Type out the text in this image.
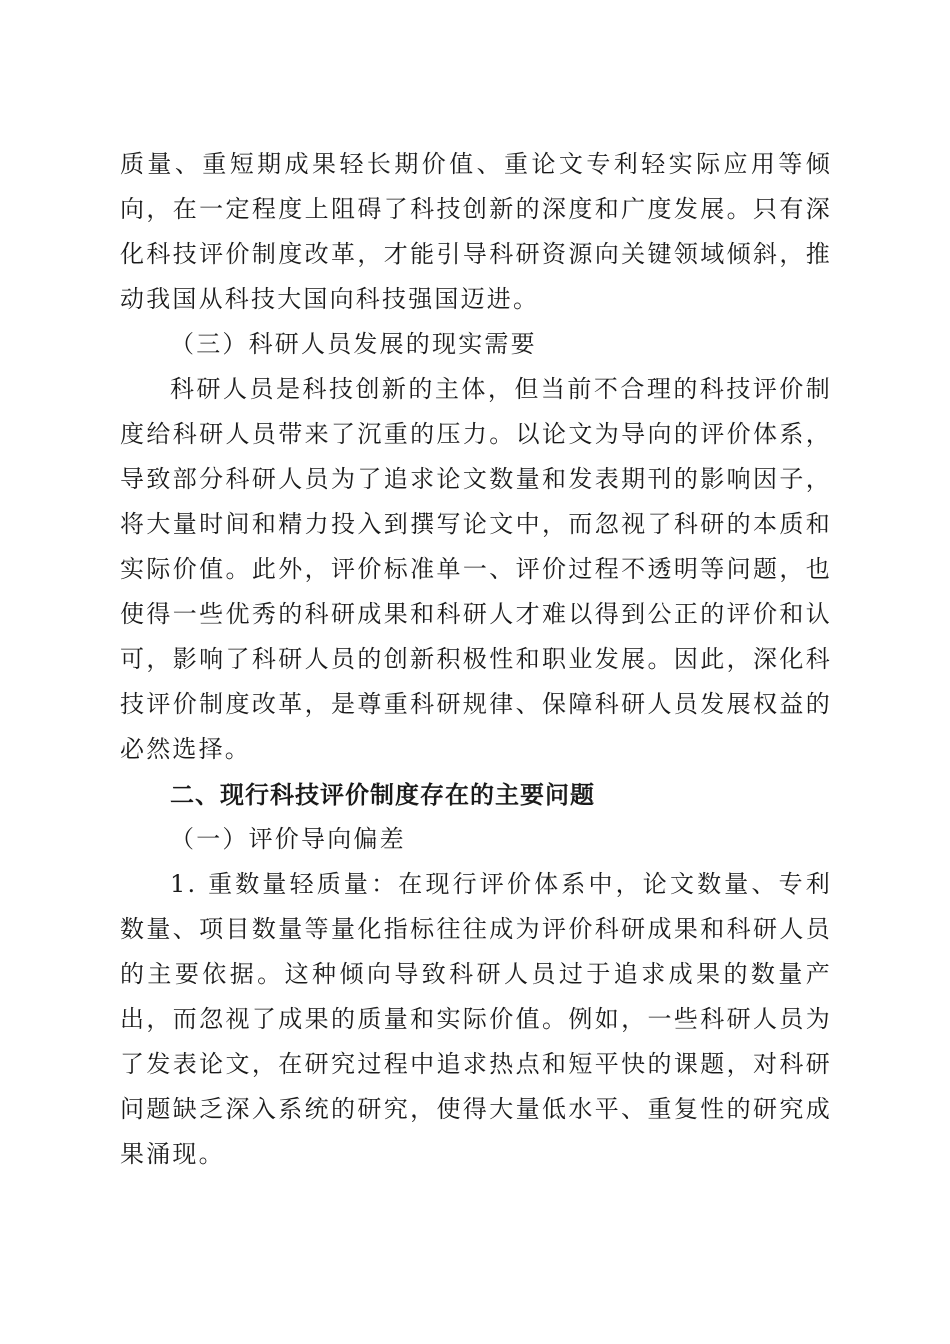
质量、重短期成果轻长期价值、重论文专利轻实际应用等倾向，在一定程度上阻碍了科技创新的深度和广度发展。只有深化科技评价制度改革，才能引导科研资源向关键领域倾斜，推动我国从科技大国向科技强国迈进。

（三）科研人员发展的现实需要

科研人员是科技创新的主体，但当前不合理的科技评价制度给科研人员带来了沉重的压力。以论文为导向的评价体系，导致部分科研人员为了追求论文数量和发表期刊的影响因子，将大量时间和精力投入到撰写论文中，而忽视了科研的本质和实际价值。此外，评价标准单一、评价过程不透明等问题，也使得一些优秀的科研成果和科研人才难以得到公正的评价和认可，影响了科研人员的创新积极性和职业发展。因此，深化科技评价制度改革，是尊重科研规律、保障科研人员发展权益的必然选择。

二、现行科技评价制度存在的主要问题

（一）评价导向偏差

1. 重数量轻质量：在现行评价体系中，论文数量、专利数量、项目数量等量化指标往往成为评价科研成果和科研人员的主要依据。这种倾向导致科研人员过于追求成果的数量产出，而忽视了成果的质量和实际价值。例如，一些科研人员为了发表论文，在研究过程中追求热点和短平快的课题，对科研问题缺乏深入系统的研究，使得大量低水平、重复性的研究成果涌现。
